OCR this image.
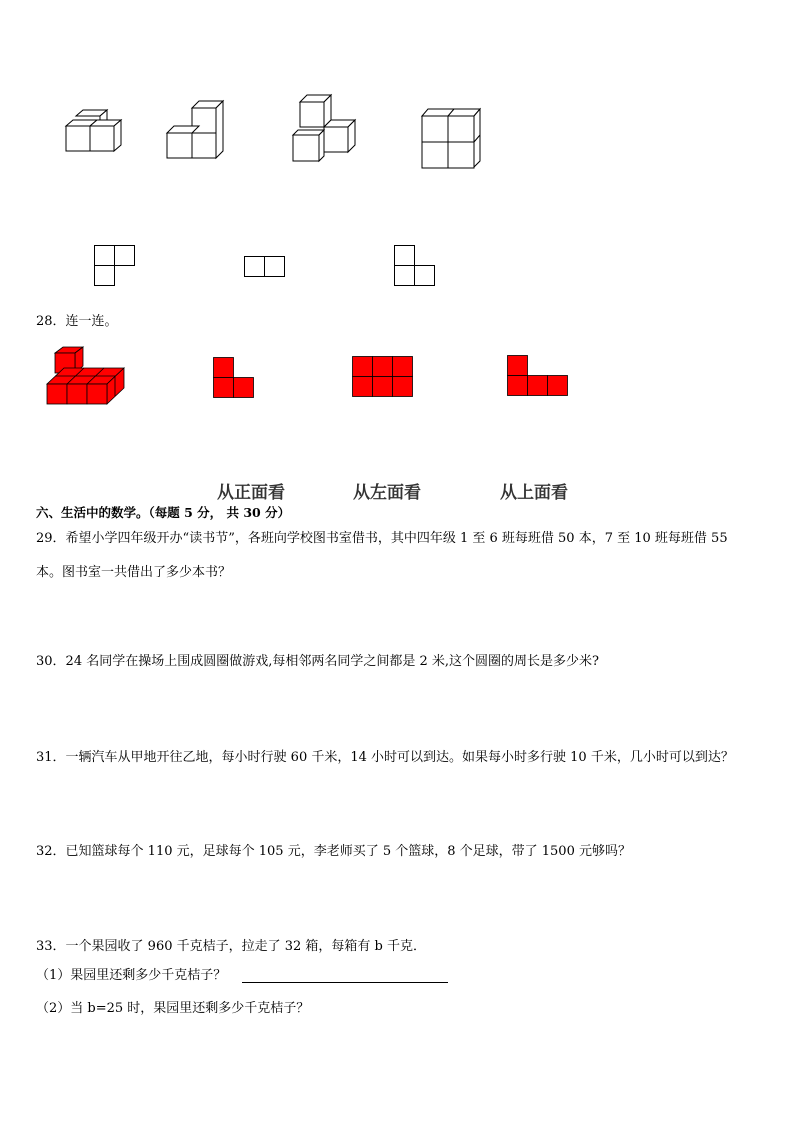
28．连一连。
从正面看	从左面看	从上面看
六、生活中的数学。（每题 5 分， 共 30 分）
29．希望小学四年级开办“读书节”，各班向学校图书室借书，其中四年级 1 至 6 班每班借 50 本，7 至 10 班每班借 55
本。图书室一共借出了多少本书？
30．24 名同学在操场上围成圆圈做游戏,每相邻两名同学之间都是 2 米,这个圆圈的周长是多少米?
31．一辆汽车从甲地开往乙地，每小时行驶 60 千米，14 小时可以到达。如果每小时多行驶 10 千米，几小时可以到达？
32．已知篮球每个 110 元，足球每个 105 元，李老师买了 5 个篮球，8 个足球，带了 1500 元够吗？
33．一个果园收了 960 千克桔子，拉走了 32 箱，每箱有 b 千克．
（1）果园里还剩多少千克桔子？
（2）当 b=25 时，果园里还剩多少千克桔子？
